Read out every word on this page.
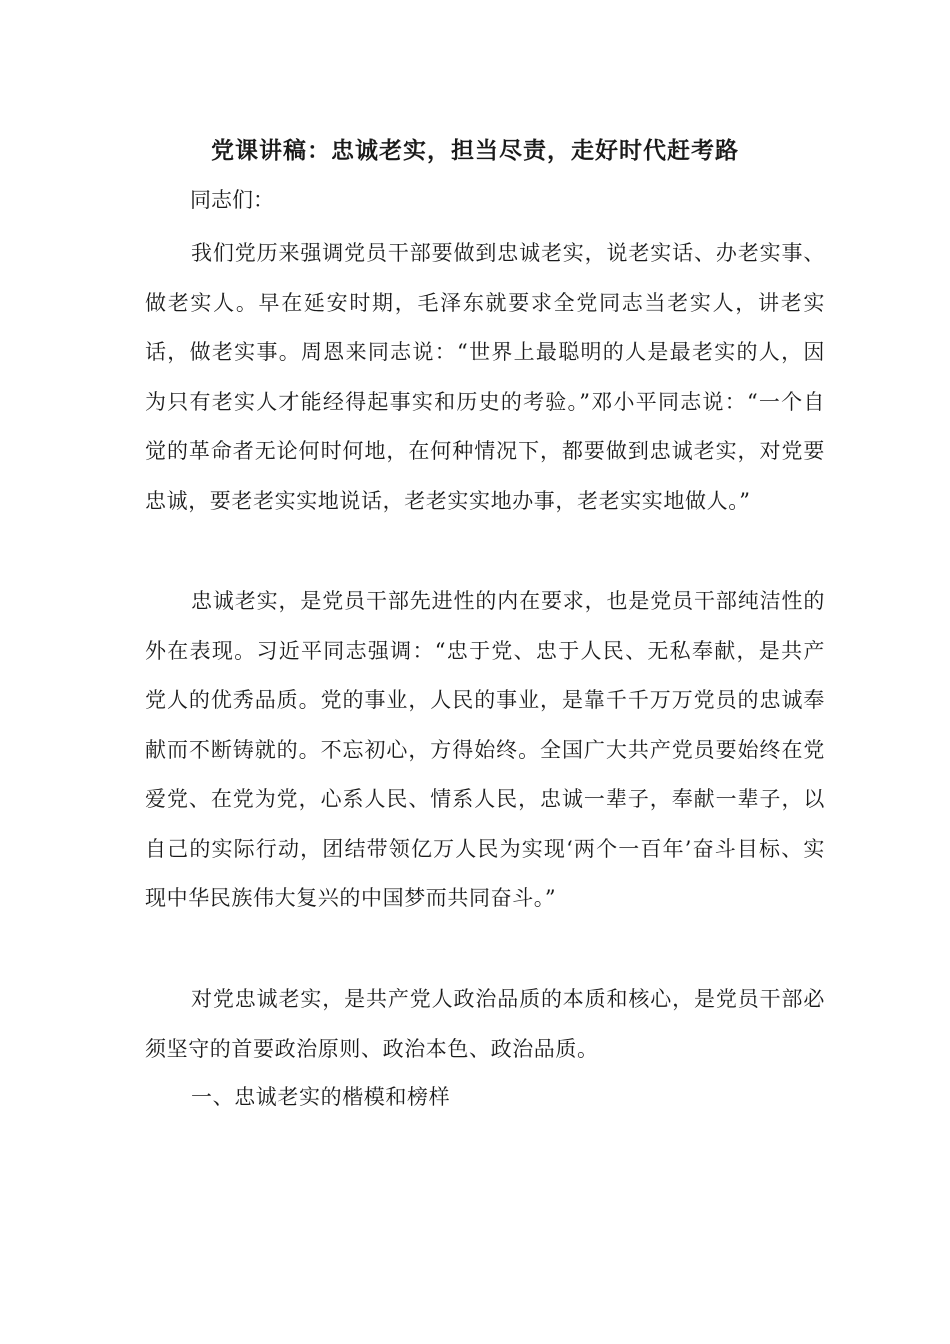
党课讲稿：忠诚老实，担当尽责，走好时代赶考路

同志们：

我们党历来强调党员干部要做到忠诚老实，说老实话、办老实事、做老实人。早在延安时期，毛泽东就要求全党同志当老实人，讲老实话，做老实事。周恩来同志说：“世界上最聪明的人是最老实的人，因为只有老实人才能经得起事实和历史的考验。”邓小平同志说：“一个自觉的革命者无论何时何地，在何种情况下，都要做到忠诚老实，对党要忠诚，要老老实实地说话，老老实实地办事，老老实实地做人。”

忠诚老实，是党员干部先进性的内在要求，也是党员干部纯洁性的外在表现。习近平同志强调：“忠于党、忠于人民、无私奉献，是共产党人的优秀品质。党的事业，人民的事业，是靠千千万万党员的忠诚奉献而不断铸就的。不忘初心，方得始终。全国广大共产党员要始终在党爱党、在党为党，心系人民、情系人民，忠诚一辈子，奉献一辈子，以自己的实际行动，团结带领亿万人民为实现‘两个一百年’奋斗目标、实现中华民族伟大复兴的中国梦而共同奋斗。”

对党忠诚老实，是共产党人政治品质的本质和核心，是党员干部必须坚守的首要政治原则、政治本色、政治品质。

一、忠诚老实的楷模和榜样
